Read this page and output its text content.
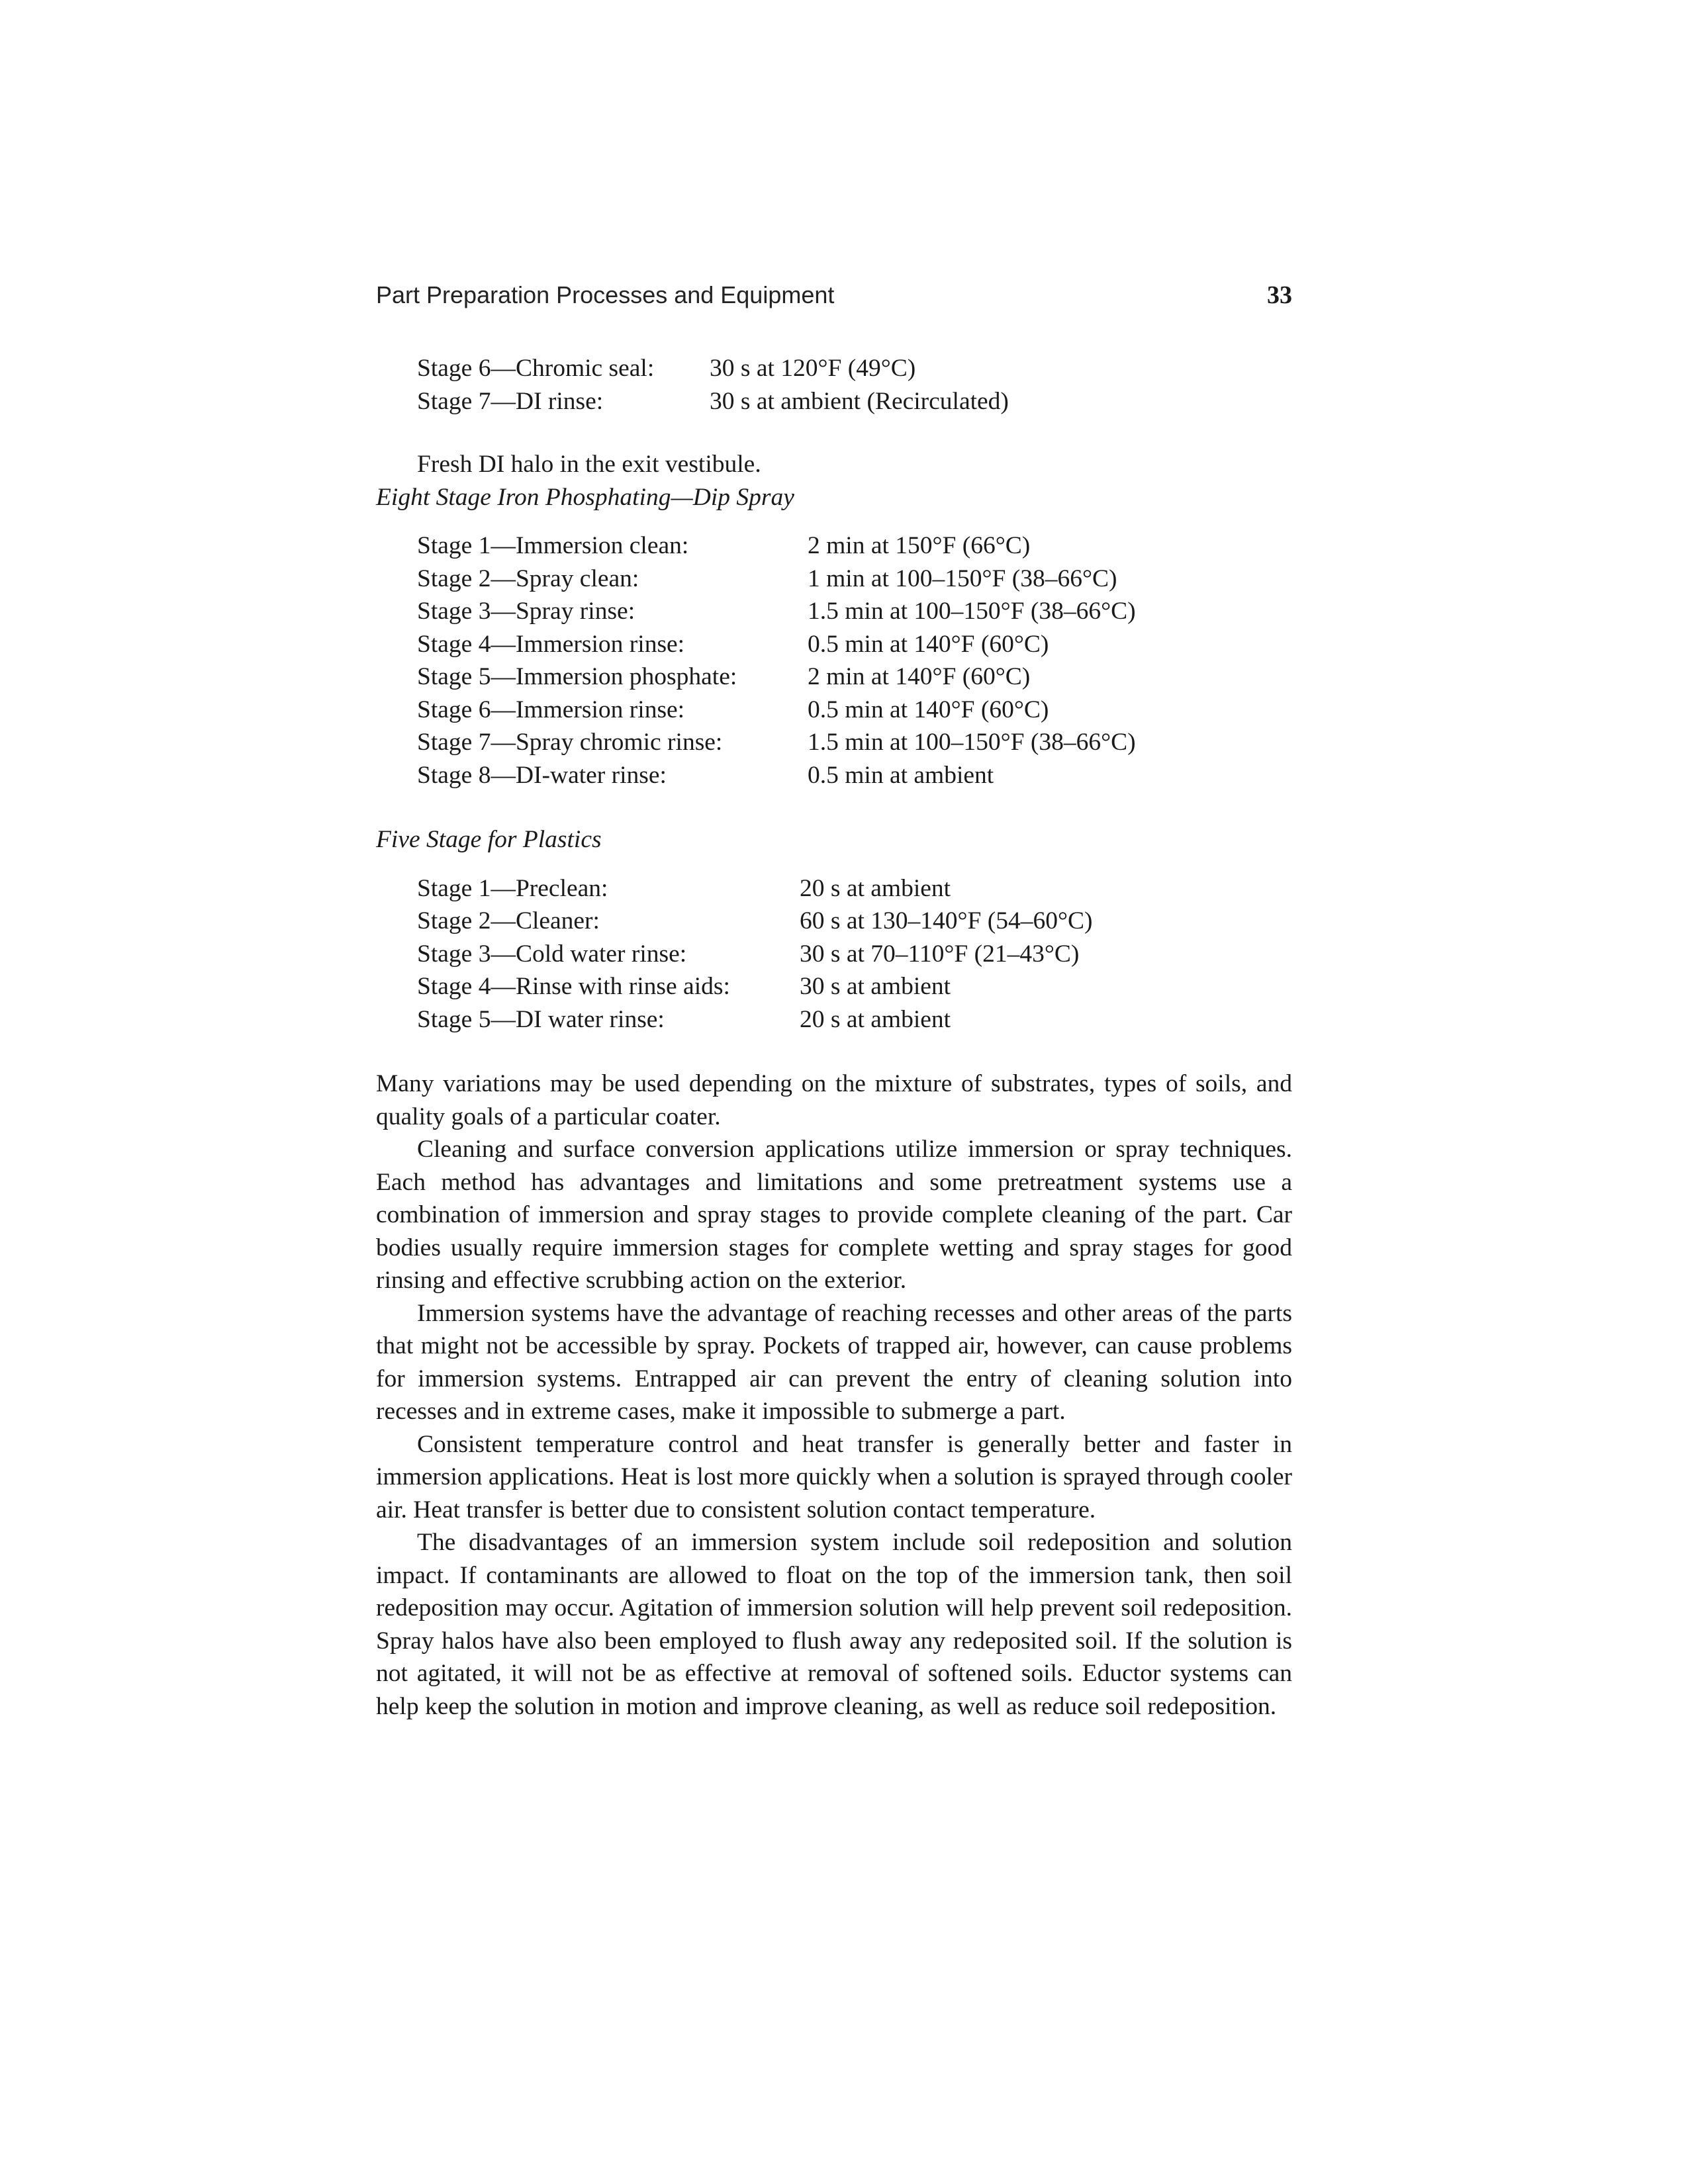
Part Preparation Processes and Equipment	33
Stage 6—Chromic seal:	30 s at 120°F (49°C)
Stage 7—DI rinse:	30 s at ambient (Recirculated)

Fresh DI halo in the exit vestibule.

Eight Stage Iron Phosphating—Dip Spray

Stage 1—Immersion clean:	2 min at 150°F (66°C)
Stage 2—Spray clean:	1 min at 100–150°F (38–66°C)
Stage 3—Spray rinse:	1.5 min at 100–150°F (38–66°C)
Stage 4—Immersion rinse:	0.5 min at 140°F (60°C)
Stage 5—Immersion phosphate:	2 min at 140°F (60°C)
Stage 6—Immersion rinse:	0.5 min at 140°F (60°C)
Stage 7—Spray chromic rinse:	1.5 min at 100–150°F (38–66°C)
Stage 8—DI-water rinse:	0.5 min at ambient

Five Stage for Plastics

Stage 1—Preclean:	20 s at ambient
Stage 2—Cleaner:	60 s at 130–140°F (54–60°C)
Stage 3—Cold water rinse:	30 s at 70–110°F (21–43°C)
Stage 4—Rinse with rinse aids:	30 s at ambient
Stage 5—DI water rinse:	20 s at ambient

Many variations may be used depending on the mixture of substrates, types of soils, and quality goals of a particular coater.

Cleaning and surface conversion applications utilize immersion or spray techniques. Each method has advantages and limitations and some pretreatment systems use a combination of immersion and spray stages to provide complete cleaning of the part. Car bodies usually require immersion stages for complete wetting and spray stages for good rinsing and effective scrubbing action on the exterior.

Immersion systems have the advantage of reaching recesses and other areas of the parts that might not be accessible by spray. Pockets of trapped air, however, can cause problems for immersion systems. Entrapped air can prevent the entry of cleaning solution into recesses and in extreme cases, make it impossible to submerge a part.

Consistent temperature control and heat transfer is generally better and faster in immersion applications. Heat is lost more quickly when a solution is sprayed through cooler air. Heat transfer is better due to consistent solution contact temperature.

The disadvantages of an immersion system include soil redeposition and solution impact. If contaminants are allowed to float on the top of the immersion tank, then soil redeposition may occur. Agitation of immersion solution will help prevent soil redeposition. Spray halos have also been employed to flush away any redeposited soil. If the solution is not agitated, it will not be as effective at removal of softened soils. Eductor systems can help keep the solution in motion and improve cleaning, as well as reduce soil redeposition.
